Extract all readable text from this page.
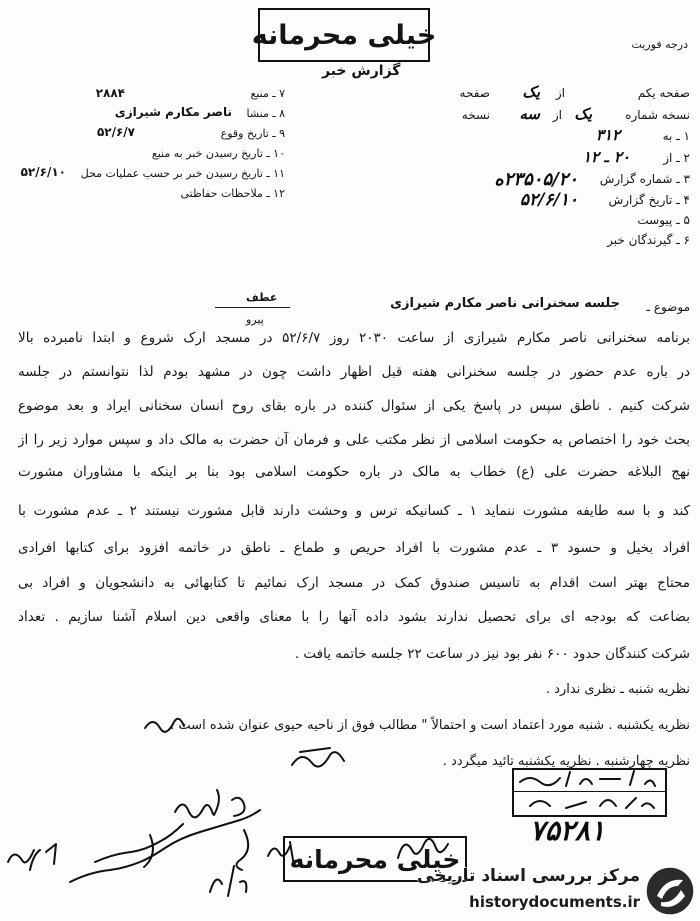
خیلی محرمانه
گزارش خبر
درجه فوریت
صفحه یکم
از
یک
صفحه
نسخه شماره
یک
از
سه
نسخه
۱ ـ به
۳۱۲
۲ ـ از
۲۰ ـ ۱۲
۳ ـ شماره گزارش
۲۳۵۰۵/۲۰ه
۴ ـ تاریخ گزارش
۵۲/۶/۱۰
۵ ـ پیوست
۶ ـ گیرندگان خبر
۷ ـ منبع
۲۸۸۴
۸ ـ منشا
ناصر مکارم شیرازی
۹ ـ تاریخ وقوع
۵۲/۶/۷
۱۰ ـ تاریخ رسیدن خبر به منبع
۱۱ ـ تاریخ رسیدن خبر بر حسب عملیات محل
۵۲/۶/۱۰
۱۲ ـ ملاحظات حفاظتی
موضوع ـ
جلسه سخنرانی ناصر مکارم شیرازی
عطف
پیرو
برنامه سخنرانی ناصر مکارم شیرازی از ساعت ۲۰۳۰ روز ۵۲/۶/۷ در مسجد ارک شروع و ابتدا نامبرده بالا
در باره عدم حضور در جلسه سخنرانی هفته قبل اظهار داشت چون در مشهد بودم لذا نتوانستم در جلسه
شرکت کنیم . ناطق سپس در پاسخ یکی از سئوال کننده در باره بقای روح انسان سخنانی ایراد و بعد موضوع
بحث خود را اختصاص به حکومت اسلامی از نظر مکتب علی و فرمان آن حضرت به مالک داد و سپس موارد زیر را از
نهج البلاغه حضرت علی (ع) خطاب به مالک در باره حکومت اسلامی بود بنا بر اینکه با مشاوران مشورت
کند و با سه طایفه مشورت ننماید ۱ ـ کسانیکه ترس و وحشت دارند قابل مشورت نیستند ۲ ـ عدم مشورت با
افراد بخیل و حسود ۳ ـ عدم مشورت با افراد حریص و طماع ـ ناطق در خاتمه افزود برای کتابها افرادی
محتاج بهتر است اقدام به تاسیس صندوق کمک در مسجد ارک نمائیم تا کتابهائی به دانشجویان و افراد بی
بضاعت که بودجه ای برای تحصیل ندارند بشود داده آنها را با معنای واقعی دین اسلام آشنا سازیم . تعداد
شرکت کنندگان حدود ۶۰۰ نفر بود نیز در ساعت ۲۲ جلسه خاتمه یافت .
نظریه شنبه ـ نظری ندارد .
نظریه یکشنبه . شنبه مورد اعتماد است و احتمالاً " مطالب فوق از ناحیه حیوی عنوان شده است .
نظریه چهارشنبه . نظریه یکشنبه تائید میگردد .
۷۵۲۸۱
خیلی محرمانه
مرکز بررسی اسناد تاریخی
historydocuments.ir
